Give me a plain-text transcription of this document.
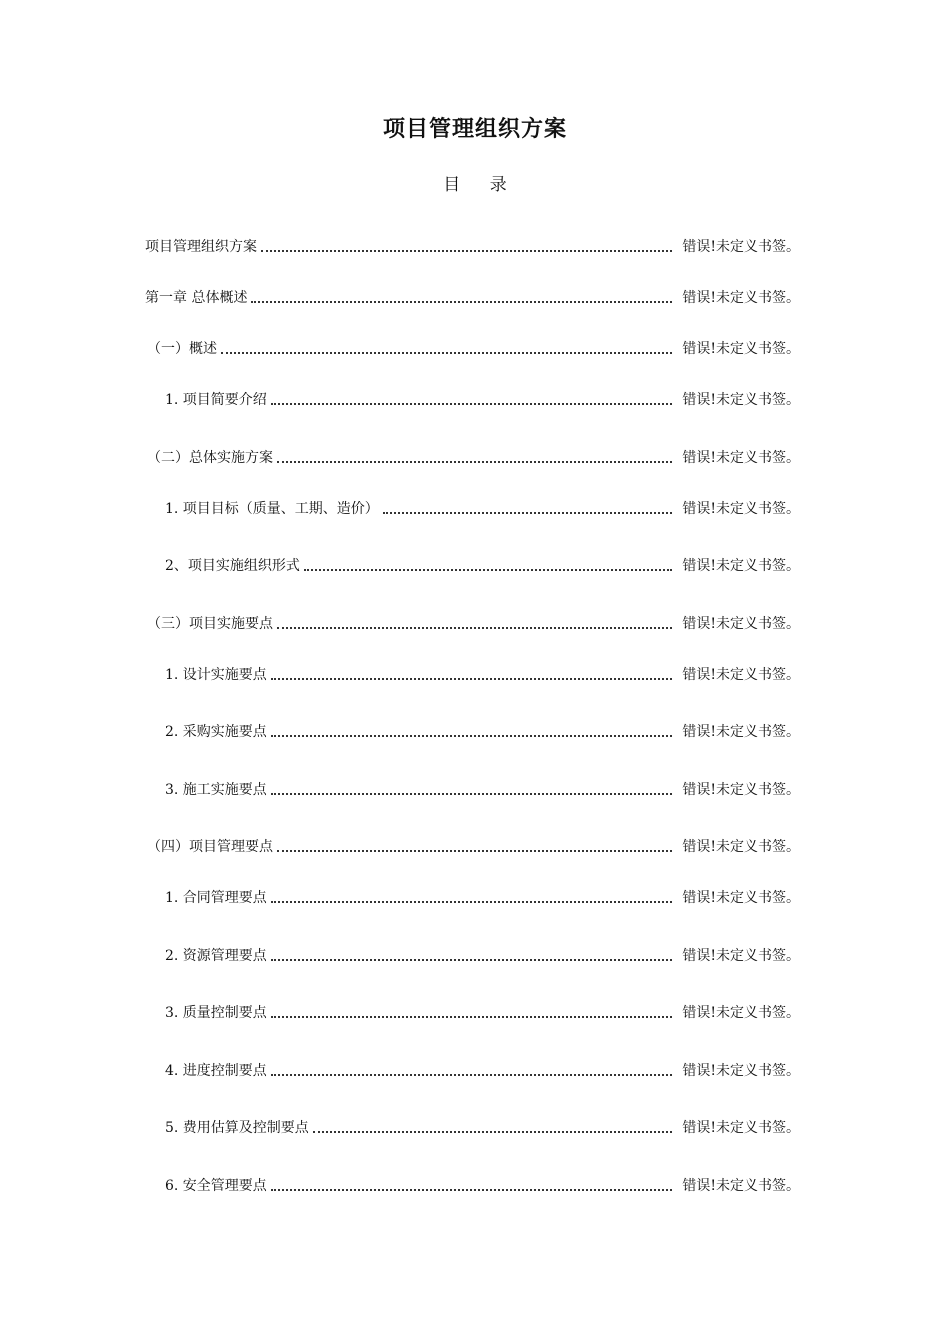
项目管理组织方案
目 录
项目管理组织方案	错误!未定义书签。
第一章 总体概述	错误!未定义书签。
（一）概述	错误!未定义书签。
1. 项目简要介绍	错误!未定义书签。
（二）总体实施方案	错误!未定义书签。
1. 项目目标（质量、工期、造价）	错误!未定义书签。
2、项目实施组织形式	错误!未定义书签。
（三）项目实施要点	错误!未定义书签。
1. 设计实施要点	错误!未定义书签。
2. 采购实施要点	错误!未定义书签。
3. 施工实施要点	错误!未定义书签。
（四）项目管理要点	错误!未定义书签。
1. 合同管理要点	错误!未定义书签。
2. 资源管理要点	错误!未定义书签。
3. 质量控制要点	错误!未定义书签。
4. 进度控制要点	错误!未定义书签。
5. 费用估算及控制要点	错误!未定义书签。
6. 安全管理要点	错误!未定义书签。
